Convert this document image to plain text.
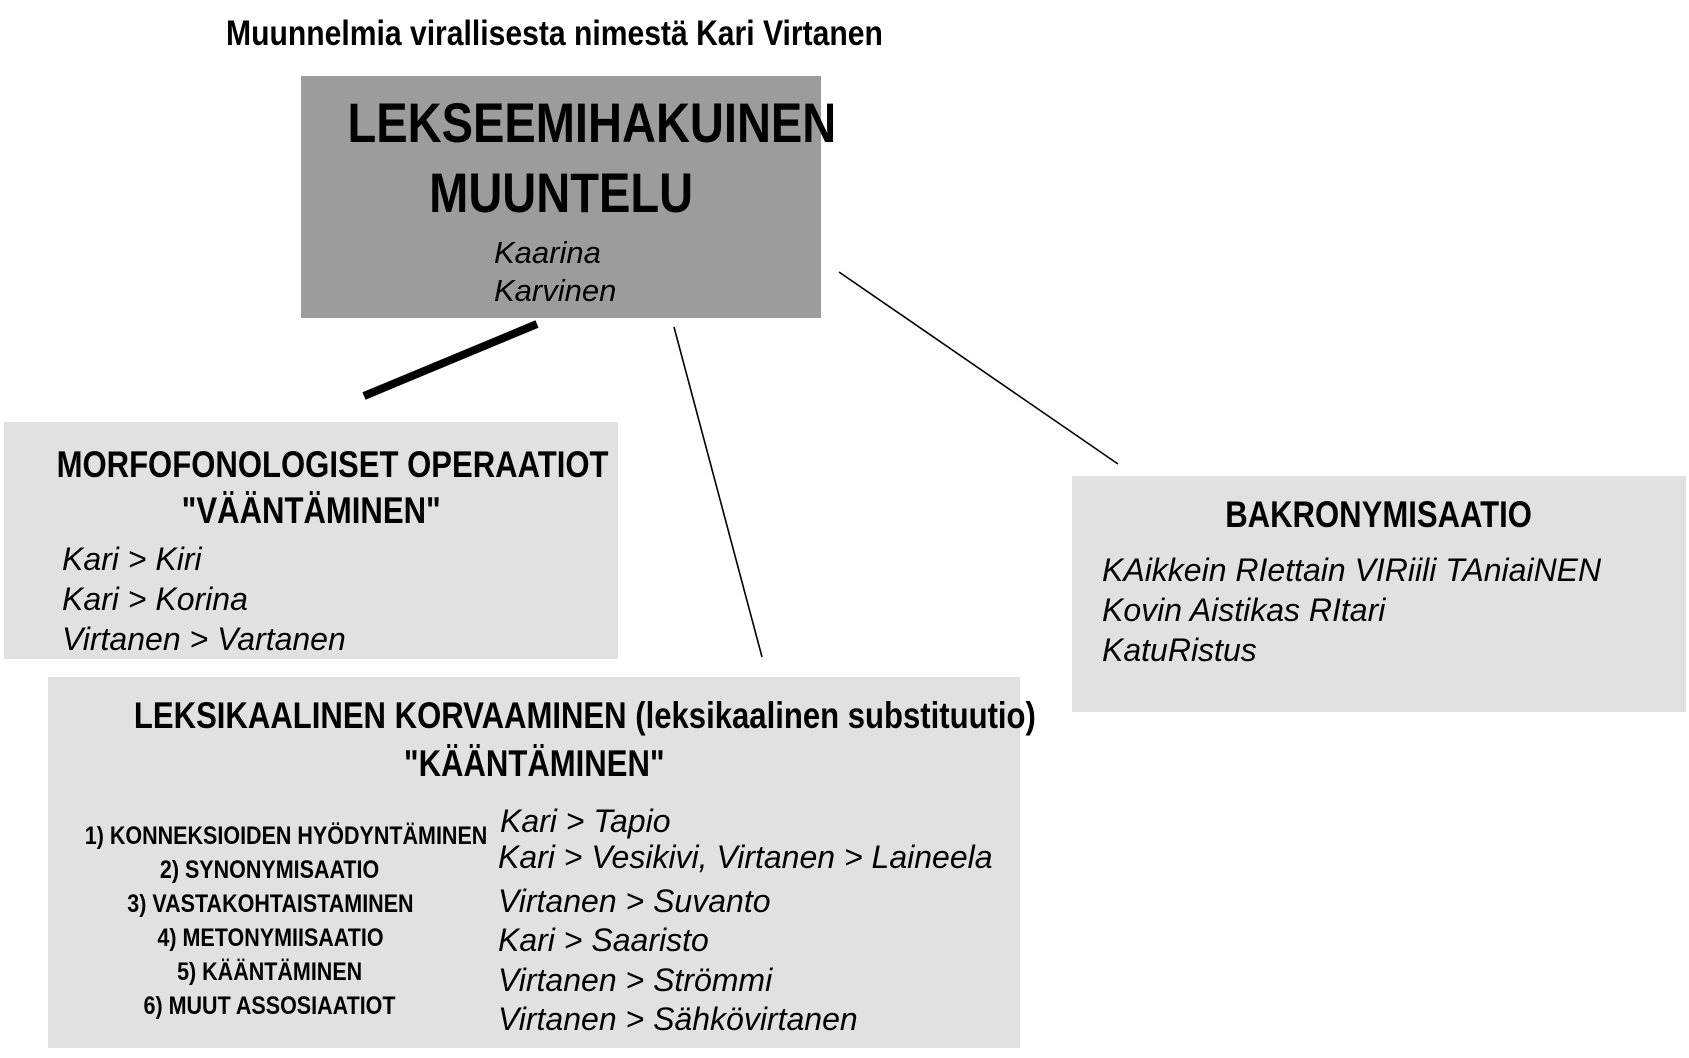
Muunnelmia virallisesta nimestä Kari Virtanen
LEKSEEMIHAKUINEN
MUUNTELU
Kaarina
Karvinen
MORFOFONOLOGISET OPERAATIOT
"VÄÄNTÄMINEN"
Kari > Kiri
Kari > Korina
Virtanen > Vartanen
LEKSIKAALINEN KORVAAMINEN (leksikaalinen substituutio)
"KÄÄNTÄMINEN"
1) KONNEKSIOIDEN HYÖDYNTÄMINEN
2) SYNONYMISAATIO
3) VASTAKOHTAISTAMINEN
4) METONYMIISAATIO
5) KÄÄNTÄMINEN
6) MUUT ASSOSIAATIOT
Kari > Tapio
Kari > Vesikivi, Virtanen > Laineela
Virtanen > Suvanto
Kari > Saaristo
Virtanen > Strömmi
Virtanen > Sähkövirtanen
BAKRONYMISAATIO
KAikkein RIettain VIRiili TAniaiNEN
Kovin Aistikas RItari
KatuRistus
